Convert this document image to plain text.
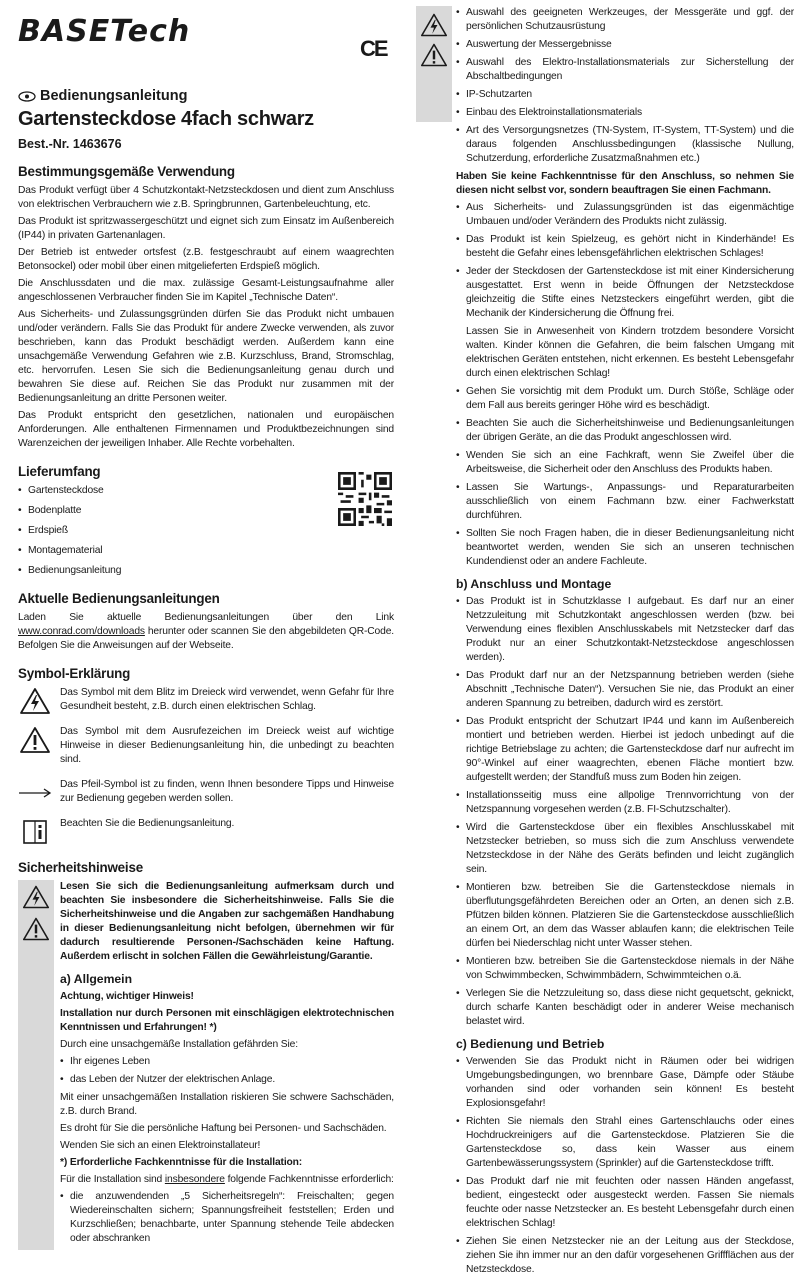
BASETech	CE
Bedienungsanleitung
Gartensteckdose 4fach schwarz
Best.-Nr. 1463676
Bestimmungsgemäße Verwendung

Das Produkt verfügt über 4 Schutzkontakt-Netzsteckdosen und dient zum Anschluss von elektrischen Verbrauchern wie z.B. Springbrunnen, Gartenbeleuchtung, etc.

Das Produkt ist spritzwassergeschützt und eignet sich zum Einsatz im Außenbereich (IP44) in privaten Gartenanlagen.

Der Betrieb ist entweder ortsfest (z.B. festgeschraubt auf einem waagrechten Betonsockel) oder mobil über einen mitgelieferten Erdspieß möglich.

Die Anschlussdaten und die max. zulässige Gesamt-Leistungsaufnahme aller angeschlossenen Verbraucher finden Sie im Kapitel „Technische Daten“.

Aus Sicherheits- und Zulassungsgründen dürfen Sie das Produkt nicht umbauen und/oder verändern. Falls Sie das Produkt für andere Zwecke verwenden, als zuvor beschrieben, kann das Produkt beschädigt werden. Außerdem kann eine unsachgemäße Verwendung Gefahren wie z.B. Kurzschluss, Brand, Stromschlag, etc. hervorrufen. Lesen Sie sich die Bedienungsanleitung genau durch und bewahren Sie diese auf. Reichen Sie das Produkt nur zusammen mit der Bedienungsanleitung an dritte Personen weiter.

Das Produkt entspricht den gesetzlichen, nationalen und europäischen Anforderungen. Alle enthaltenen Firmennamen und Produktbezeichnungen sind Warenzeichen der jeweiligen Inhaber. Alle Rechte vorbehalten.

Lieferumfang
• Gartensteckdose
• Bodenplatte
• Erdspieß
• Montagematerial
• Bedienungsanleitung
Aktuelle Bedienungsanleitungen

Laden Sie aktuelle Bedienungsanleitungen über den Link www.conrad.com/downloads herunter oder scannen Sie den abgebildeten QR-Code. Befolgen Sie die Anweisungen auf der Webseite.

Symbol-Erklärung

Das Symbol mit dem Blitz im Dreieck wird verwendet, wenn Gefahr für Ihre Gesundheit besteht, z.B. durch einen elektrischen Schlag.

Das Symbol mit dem Ausrufezeichen im Dreieck weist auf wichtige Hinweise in dieser Bedienungsanleitung hin, die unbedingt zu beachten sind.

Das Pfeil-Symbol ist zu finden, wenn Ihnen besondere Tipps und Hinweise zur Bedienung gegeben werden sollen.

Beachten Sie die Bedienungsanleitung.

Sicherheitshinweise

Lesen Sie sich die Bedienungsanleitung aufmerksam durch und beachten Sie insbesondere die Sicherheitshinweise. Falls Sie die Sicherheitshinweise und die Angaben zur sachgemäßen Handhabung in dieser Bedienungsanleitung nicht befolgen, übernehmen wir für dadurch resultierende Personen-/Sachschäden keine Haftung. Außerdem erlischt in solchen Fällen die Gewährleistung/Garantie.

a) Allgemein

Achtung, wichtiger Hinweis!

Installation nur durch Personen mit einschlägigen elektrotechnischen Kenntnissen und Erfahrungen! *)

Durch eine unsachgemäße Installation gefährden Sie:

• Ihr eigenes Leben
• das Leben der Nutzer der elektrischen Anlage.

Mit einer unsachgemäßen Installation riskieren Sie schwere Sachschäden, z.B. durch Brand.

Es droht für Sie die persönliche Haftung bei Personen- und Sachschäden.

Wenden Sie sich an einen Elektroinstallateur!

*) Erforderliche Fachkenntnisse für die Installation:

Für die Installation sind insbesondere folgende Fachkenntnisse erforderlich:

• die anzuwendenden „5 Sicherheitsregeln“: Freischalten; gegen Wiedereinschalten sichern; Spannungsfreiheit feststellen; Erden und Kurzschließen; benachbarte, unter Spannung stehende Teile abdecken oder abschranken
• Auswahl des geeigneten Werkzeuges, der Messgeräte und ggf. der persönlichen Schutzausrüstung
• Auswertung der Messergebnisse
• Auswahl des Elektro-Installationsmaterials zur Sicherstellung der Abschaltbedingungen
• IP-Schutzarten
• Einbau des Elektroinstallationsmaterials
• Art des Versorgungsnetzes (TN-System, IT-System, TT-System) und die daraus folgenden Anschlussbedingungen (klassische Nullung, Schutzerdung, erforderliche Zusatzmaßnahmen etc.)

Haben Sie keine Fachkenntnisse für den Anschluss, so nehmen Sie diesen nicht selbst vor, sondern beauftragen Sie einen Fachmann.

• Aus Sicherheits- und Zulassungsgründen ist das eigenmächtige Umbauen und/oder Verändern des Produkts nicht zulässig.
• Das Produkt ist kein Spielzeug, es gehört nicht in Kinderhände! Es besteht die Gefahr eines lebensgefährlichen elektrischen Schlages!
• Jeder der Steckdosen der Gartensteckdose ist mit einer Kindersicherung ausgestattet. Erst wenn in beide Öffnungen der Netzsteckdose gleichzeitig die Stifte eines Netzsteckers eingeführt werden, gibt die Mechanik der Kindersicherung die Öffnung frei.
Lassen Sie in Anwesenheit von Kindern trotzdem besondere Vorsicht walten. Kinder können die Gefahren, die beim falschen Umgang mit elektrischen Geräten entstehen, nicht erkennen. Es besteht Lebensgefahr durch einen elektrischen Schlag!
• Gehen Sie vorsichtig mit dem Produkt um. Durch Stöße, Schläge oder dem Fall aus bereits geringer Höhe wird es beschädigt.
• Beachten Sie auch die Sicherheitshinweise und Bedienungsanleitungen der übrigen Geräte, an die das Produkt angeschlossen wird.
• Wenden Sie sich an eine Fachkraft, wenn Sie Zweifel über die Arbeitsweise, die Sicherheit oder den Anschluss des Produkts haben.
• Lassen Sie Wartungs-, Anpassungs- und Reparaturarbeiten ausschließlich von einem Fachmann bzw. einer Fachwerkstatt durchführen.
• Sollten Sie noch Fragen haben, die in dieser Bedienungsanleitung nicht beantwortet werden, wenden Sie sich an unseren technischen Kundendienst oder an andere Fachleute.
b) Anschluss und Montage
• Das Produkt ist in Schutzklasse I aufgebaut. Es darf nur an einer Netzzuleitung mit Schutzkontakt angeschlossen werden (bzw. bei Verwendung eines flexiblen Anschlusskabels mit Netzstecker darf das Produkt nur an einer Schutzkontakt-Netzsteckdose angeschlossen werden).
• Das Produkt darf nur an der Netzspannung betrieben werden (siehe Abschnitt „Technische Daten“). Versuchen Sie nie, das Produkt an einer anderen Spannung zu betreiben, dadurch wird es zerstört.
• Das Produkt entspricht der Schutzart IP44 und kann im Außenbereich montiert und betrieben werden. Hierbei ist jedoch unbedingt auf die richtige Betriebslage zu achten; die Gartensteckdose darf nur aufrecht im 90°-Winkel auf einer waagrechten, ebenen Fläche montiert bzw. aufgestellt werden; der Standfuß muss zum Boden hin zeigen.
• Installationsseitig muss eine allpolige Trennvorrichtung von der Netzspannung vorgesehen werden (z.B. FI-Schutzschalter).
• Wird die Gartensteckdose über ein flexibles Anschlusskabel mit Netzstecker betrieben, so muss sich die zum Anschluss verwendete Netzsteckdose in der Nähe des Geräts befinden und leicht zugänglich sein.
• Montieren bzw. betreiben Sie die Gartensteckdose niemals in überflutungsgefährdeten Bereichen oder an Orten, an denen sich z.B. Pfützen bilden können. Platzieren Sie die Gartensteckdose ausschließlich an einem Ort, an dem das Wasser ablaufen kann; die elektrischen Teile dürfen bei Niederschlag nicht unter Wasser stehen.
• Montieren bzw. betreiben Sie die Gartensteckdose niemals in der Nähe von Schwimmbecken, Schwimmbädern, Schwimmteichen o.ä.
• Verlegen Sie die Netzzuleitung so, dass diese nicht gequetscht, geknickt, durch scharfe Kanten beschädigt oder in anderer Weise mechanisch belastet wird.
c) Bedienung und Betrieb
• Verwenden Sie das Produkt nicht in Räumen oder bei widrigen Umgebungsbedingungen, wo brennbare Gase, Dämpfe oder Stäube vorhanden sind oder vorhanden sein können! Es besteht Explosionsgefahr!
• Richten Sie niemals den Strahl eines Gartenschlauchs oder eines Hochdruckreinigers auf die Gartensteckdose. Platzieren Sie die Gartensteckdose so, dass kein Wasser aus einem Gartenbewässerungssystem (Sprinkler) auf die Gartensteckdose trifft.
• Das Produkt darf nie mit feuchten oder nassen Händen angefasst, bedient, eingesteckt oder ausgesteckt werden. Fassen Sie niemals feuchte oder nasse Netzstecker an. Es besteht Lebensgefahr durch einen elektrischen Schlag!
• Ziehen Sie einen Netzstecker nie an der Leitung aus der Steckdose, ziehen Sie ihn immer nur an den dafür vorgesehenen Griffflächen aus der Netzsteckdose.
